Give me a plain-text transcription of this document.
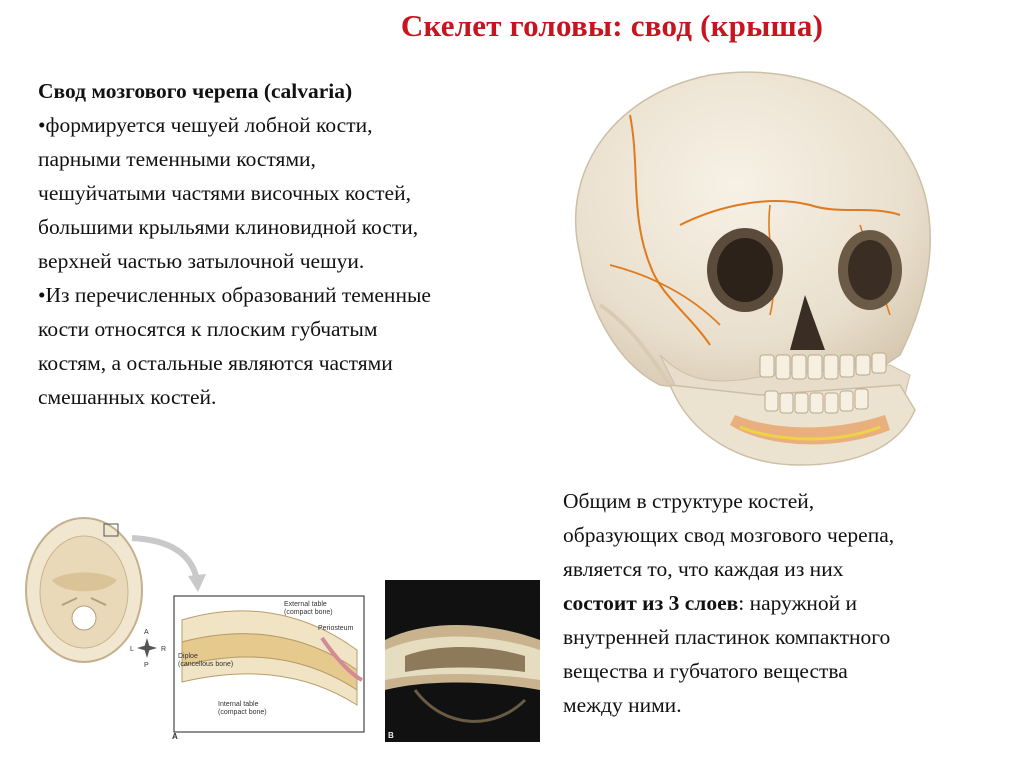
Скелет головы: свод (крыша)
Свод мозгового черепа (calvaria)
•формируется чешуей лобной кости,
парными теменными костями,
чешуйчатыми частями височных костей,
большими крыльями клиновидной кости,
верхней частью затылочной чешуи.
•Из перечисленных образований теменные
кости относятся к плоским губчатым
костям, а остальные являются частями
смешанных костей.
Общим в структуре костей,
образующих свод мозгового черепа,
является то, что каждая из них
состоит из 3 слоев: наружной и
внутренней пластинок компактного
вещества и губчатого вещества
между ними.
A
L	R
P
External table
(compact bone)
Periosteum
Diploe
(cancellous bone)
Internal table
(compact bone)
A	B
